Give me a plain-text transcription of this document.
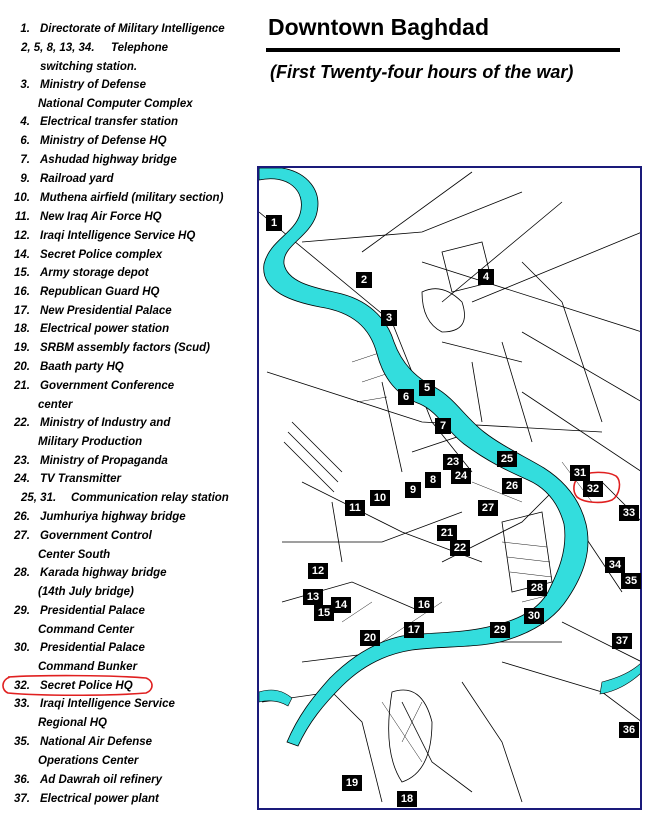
1. Directorate of Military Intelligence
2, 5, 8, 13, 34. Telephone
switching station.
3. Ministry of Defense
National Computer Complex
4. Electrical transfer station
6. Ministry of Defense HQ
7. Ashudad highway bridge
9. Railroad yard
10. Muthena airfield (military section)
11. New Iraq Air Force HQ
12. Iraqi Intelligence Service HQ
14. Secret Police complex
15. Army storage depot
16. Republican Guard HQ
17. New Presidential Palace
18. Electrical power station
19. SRBM assembly factors (Scud)
20. Baath party HQ
21. Government Conference
center
22. Ministry of Industry and
Military Production
23. Ministry of Propaganda
24. TV Transmitter
25, 31. Communication relay station
26. Jumhuriya highway bridge
27. Government Control
Center South
28. Karada highway bridge
(14th July bridge)
29. Presidential Palace
Command Center
30. Presidential Palace
Command Bunker
32. Secret Police HQ
33. Iraqi Intelligence Service
Regional HQ
35. National Air Defense
Operations Center
36. Ad Dawrah oil refinery
37. Electrical power plant
Downtown Baghdad
(First Twenty-four hours of the war)
1
2
3
4
5
6
7
8
9
10
11
12
13
14
15
16
17
18
19
20
21
22
23
24
25
26
27
28
29
30
31
32
33
34
35
36
37
